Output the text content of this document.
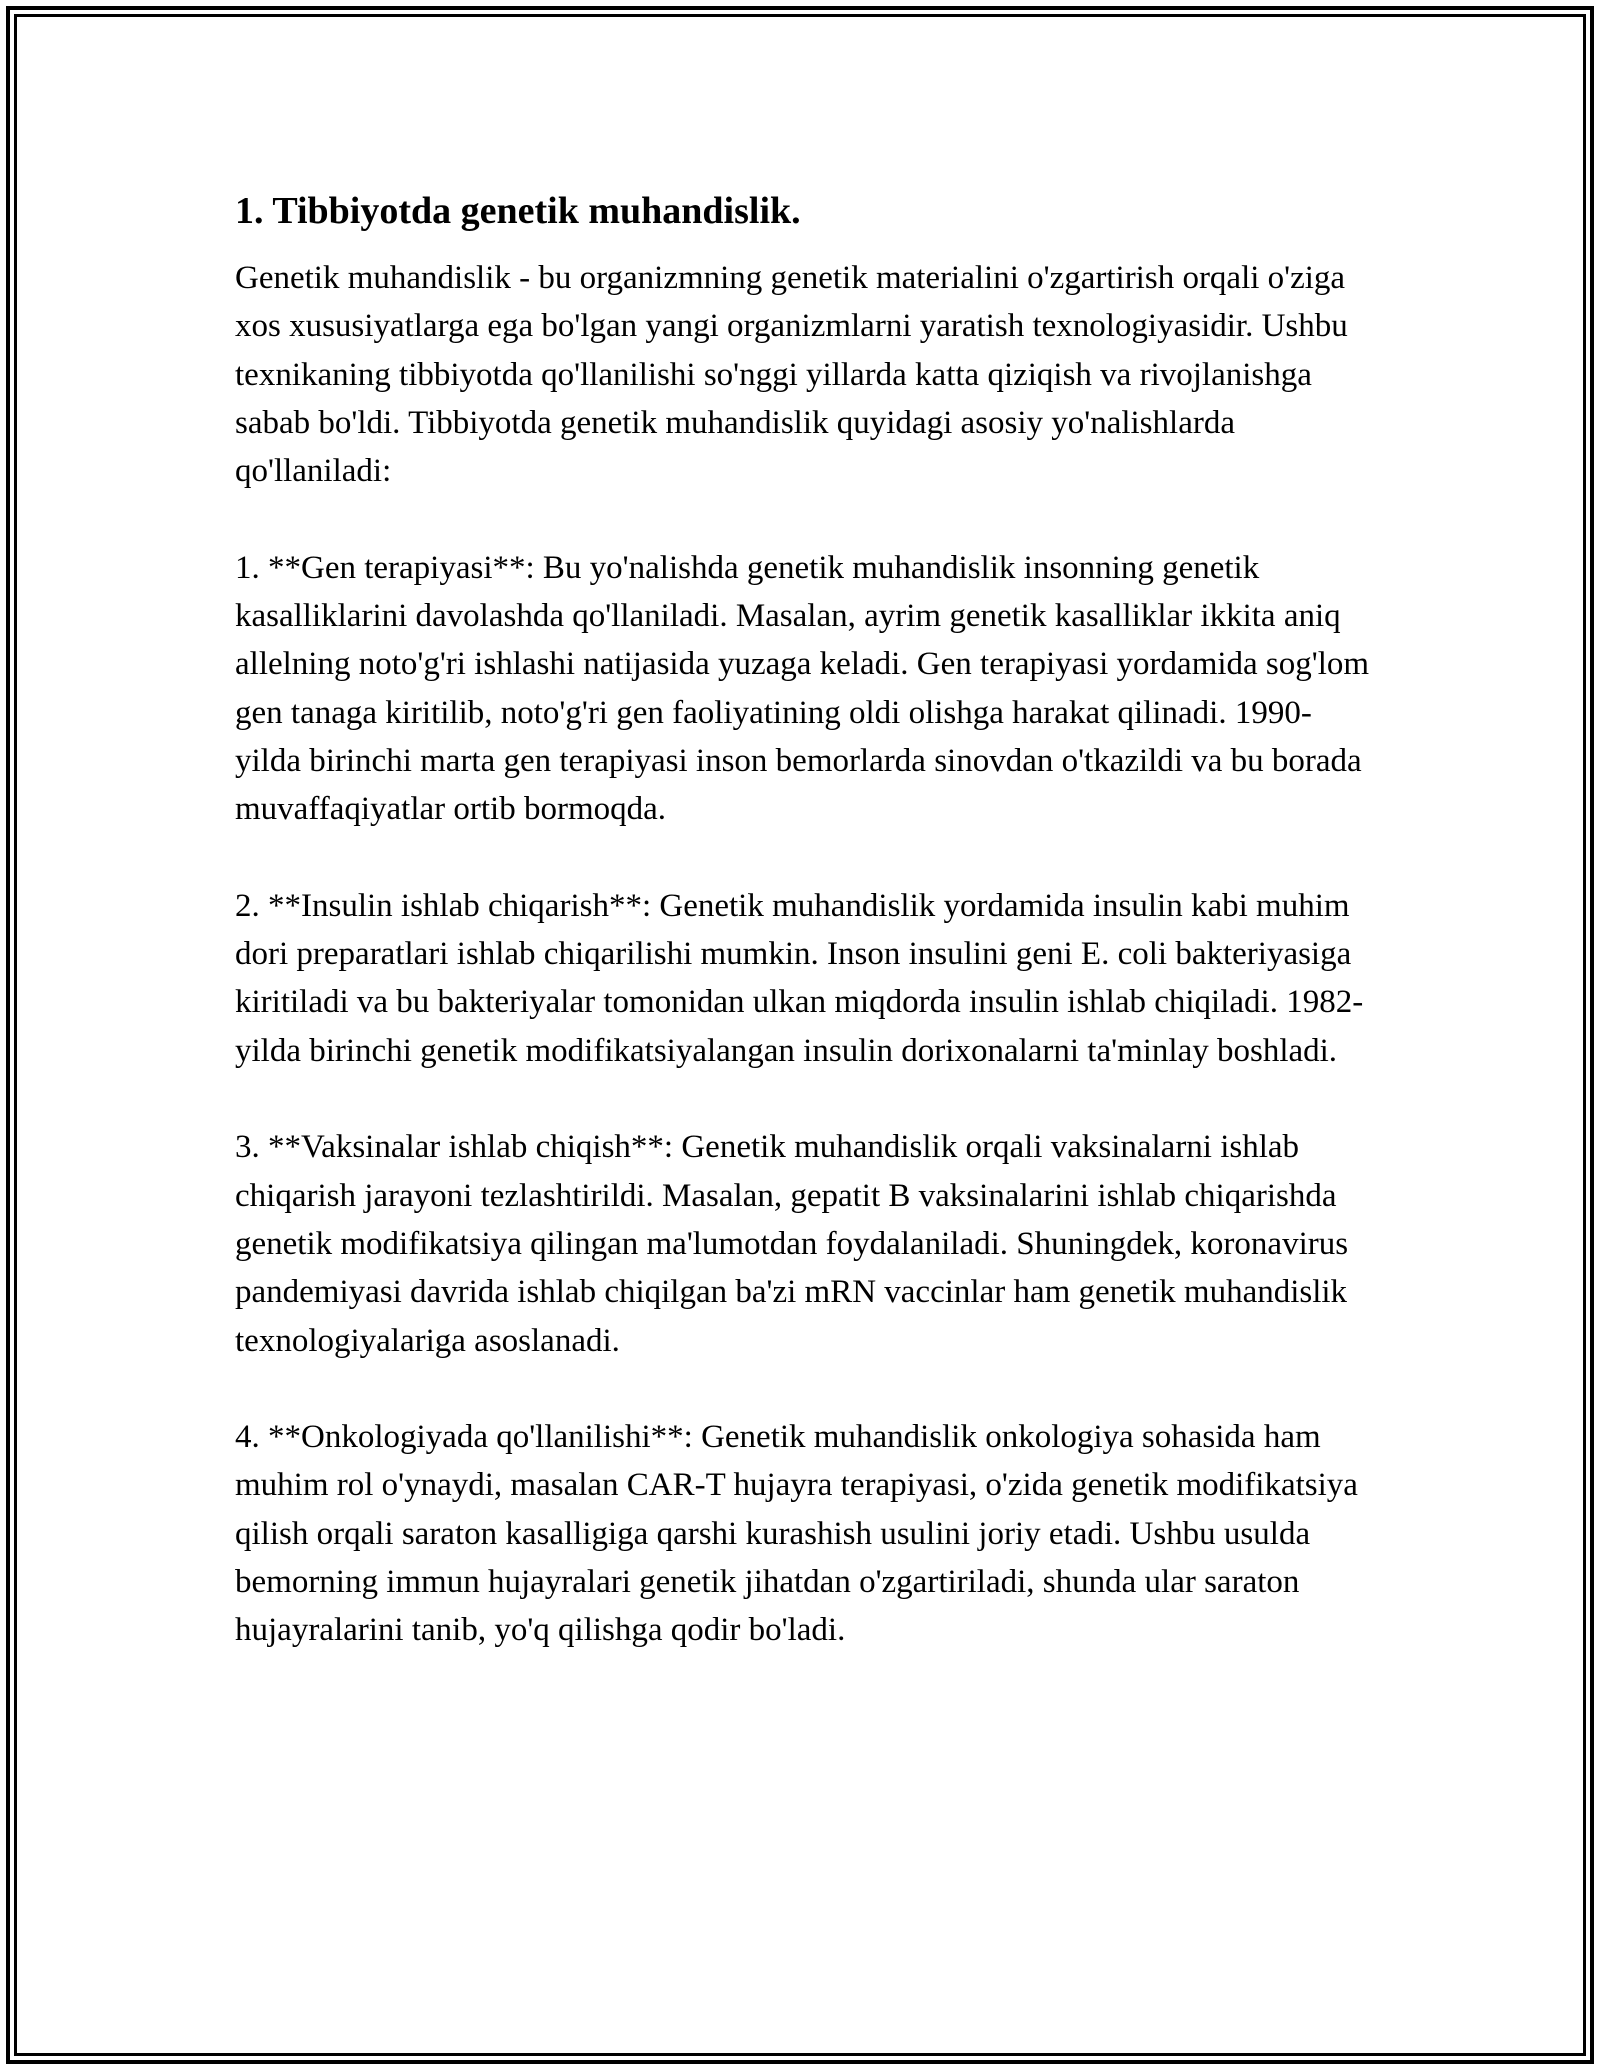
1. Tibbiyotda genetik muhandislik.

Genetik muhandislik - bu organizmning genetik materialini o'zgartirish orqali o'ziga xos xususiyatlarga ega bo'lgan yangi organizmlarni yaratish texnologiyasidir. Ushbu texnikaning tibbiyotda qo'llanilishi so'nggi yillarda katta qiziqish va rivojlanishga sabab bo'ldi. Tibbiyotda genetik muhandislik quyidagi asosiy yo'nalishlarda qo'llaniladi:

1. **Gen terapiyasi**: Bu yo'nalishda genetik muhandislik insonning genetik kasalliklarini davolashda qo'llaniladi. Masalan, ayrim genetik kasalliklar ikkita aniq allelning noto'g'ri ishlashi natijasida yuzaga keladi. Gen terapiyasi yordamida sog'lom gen tanaga kiritilib, noto'g'ri gen faoliyatining oldi olishga harakat qilinadi. 1990-yilda birinchi marta gen terapiyasi inson bemorlarda sinovdan o'tkazildi va bu borada muvaffaqiyatlar ortib bormoqda.

2. **Insulin ishlab chiqarish**: Genetik muhandislik yordamida insulin kabi muhim dori preparatlari ishlab chiqarilishi mumkin. Inson insulini geni E. coli bakteriyasiga kiritiladi va bu bakteriyalar tomonidan ulkan miqdorda insulin ishlab chiqiladi. 1982-yilda birinchi genetik modifikatsiyalangan insulin dorixonalarni ta'minlay boshladi.

3. **Vaksinalar ishlab chiqish**: Genetik muhandislik orqali vaksinalarni ishlab chiqarish jarayoni tezlashtirildi. Masalan, gepatit B vaksinalarini ishlab chiqarishda genetik modifikatsiya qilingan ma'lumotdan foydalaniladi. Shuningdek, koronavirus pandemiyasi davrida ishlab chiqilgan ba'zi mRN vaccinlar ham genetik muhandislik texnologiyalariga asoslanadi.

4. **Onkologiyada qo'llanilishi**: Genetik muhandislik onkologiya sohasida ham muhim rol o'ynaydi, masalan CAR-T hujayra terapiyasi, o'zida genetik modifikatsiya qilish orqali saraton kasalligiga qarshi kurashish usulini joriy etadi. Ushbu usulda bemorning immun hujayralari genetik jihatdan o'zgartiriladi, shunda ular saraton hujayralarini tanib, yo'q qilishga qodir bo'ladi.
